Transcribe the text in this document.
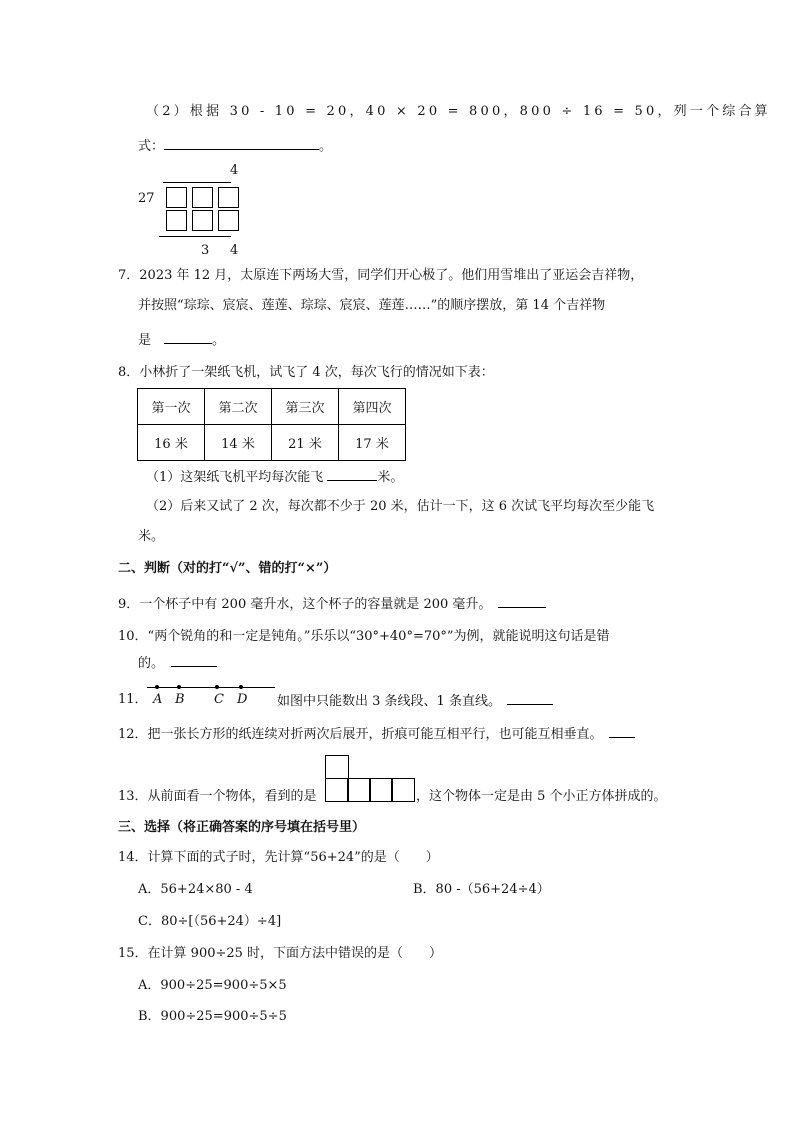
（2）根据 30 - 10 = 20，40 × 20 = 800，800 ÷ 16 = 50，列一个综合算
式：	。
4
27
3 4
7．2023 年 12 月，太原连下两场大雪，同学们开心极了。他们用雪堆出了亚运会吉祥物，
并按照“琮琮、宸宸、莲莲、琮琮、宸宸、莲莲……”的顺序摆放，第 14 个吉祥物
是　	。
8．小林折了一架纸飞机，试飞了 4 次，每次飞行的情况如下表：
第一次	第二次	第三次	第四次
16 米	14 米	21 米	17 米
（1）这架纸飞机平均每次能飞	米。
（2）后来又试了 2 次，每次都不少于 20 米，估计一下，这 6 次试飞平均每次至少能飞
米。
二、判断（对的打“√”、错的打“×”）
9．一个杯子中有 200 毫升水，这个杯子的容量就是 200 毫升。　
10．“两个锐角的和一定是钝角。”乐乐以“30°+40°=70°”为例，就能说明这句话是错
的。　
11． A B C D 如图中只能数出 3 条线段、1 条直线。　
12．把一张长方形的纸连续对折两次后展开，折痕可能互相平行，也可能互相垂直。　
13．从前面看一个物体，看到的是	，这个物体一定是由 5 个小正方体拼成的。
三、选择（将正确答案的序号填在括号里）
14．计算下面的式子时，先计算“56+24”的是（　　）
A．56+24×80 - 4	B．80 -（56+24÷4）
C．80÷[（56+24）÷4]
15．在计算 900÷25 时，下面方法中错误的是（　　）
A．900÷25=900÷5×5
B．900÷25=900÷5÷5
